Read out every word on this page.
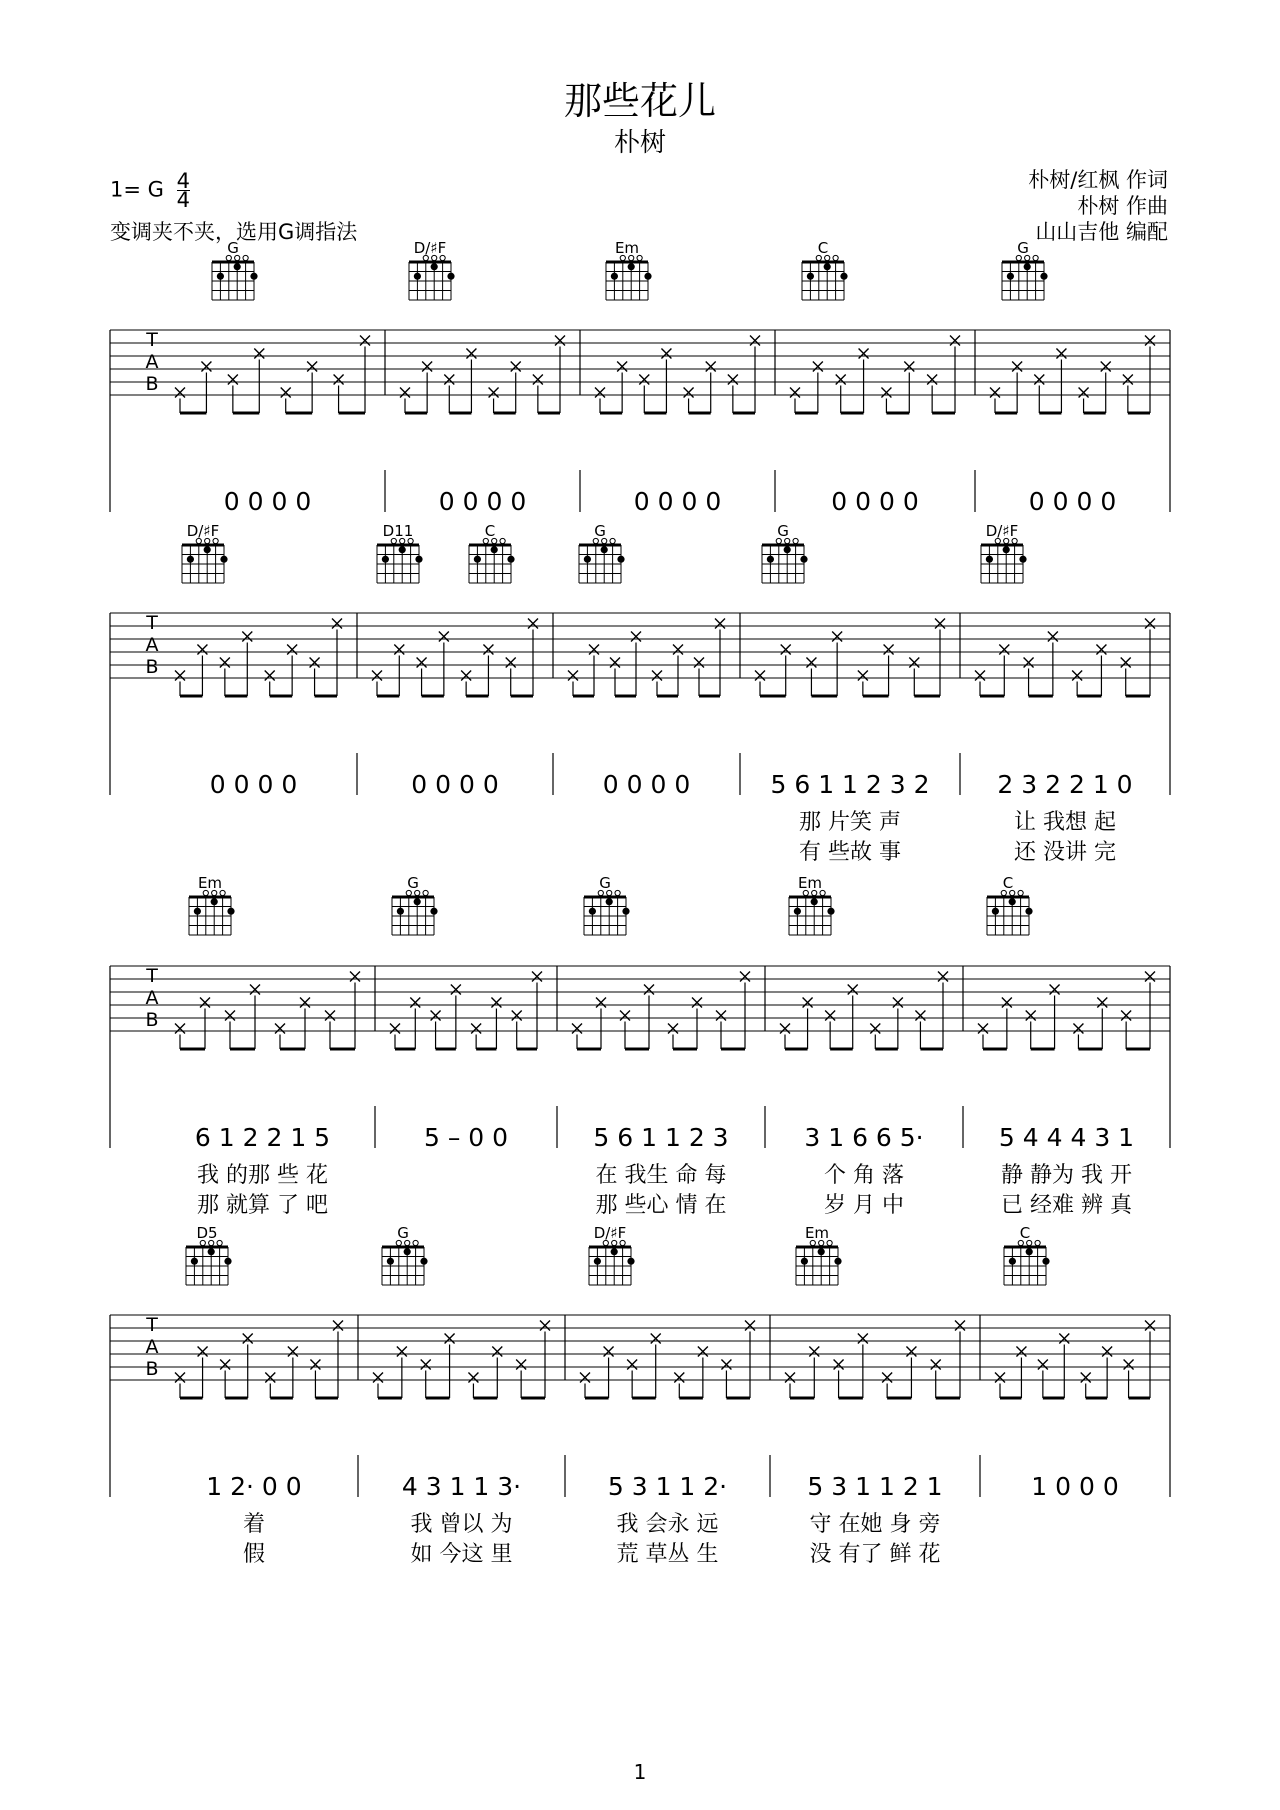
那些花儿
朴树
1= G $\frac{4}{4}$
变调夹不夹，选用G调指法
朴树/红枫 作词
朴树 作曲
山山吉他 编配
T
A
B
G	D/♯F	Em	C	G
0 0 0 0	0 0 0 0	0 0 0 0	0 0 0 0	0 0 0 0
T
A
B
D/♯F	D11	C	G	G	D/♯F
0 0 0 0	0 0 0 0	0 0 0 0	5 6 1 1 2 3 2
那 片笑 声
有 些故 事
2 3 2 2 1 0
让 我想 起
还 没讲 完
T
A
B
Em	G	G	Em	C
6 1 2 2 1 5
我 的那 些 花
那 就算 了 吧
5 – 0 0	5 6 1 1 2 3
在 我生 命 每
那 些心 情 在
3 1 6 6 5·
个 角 落
岁 月 中
5 4 4 4 3 1
静 静为 我 开
已 经难 辨 真
T
A
B
D5	G	D/♯F	Em	C
1 2· 0 0
着
假
4 3 1 1 3·
我 曾以 为
如 今这 里
5 3 1 1 2·
我 会永 远
荒 草丛 生
5 3 1 1 2 1
守 在她 身 旁
没 有了 鲜 花
1 0 0 0
1
